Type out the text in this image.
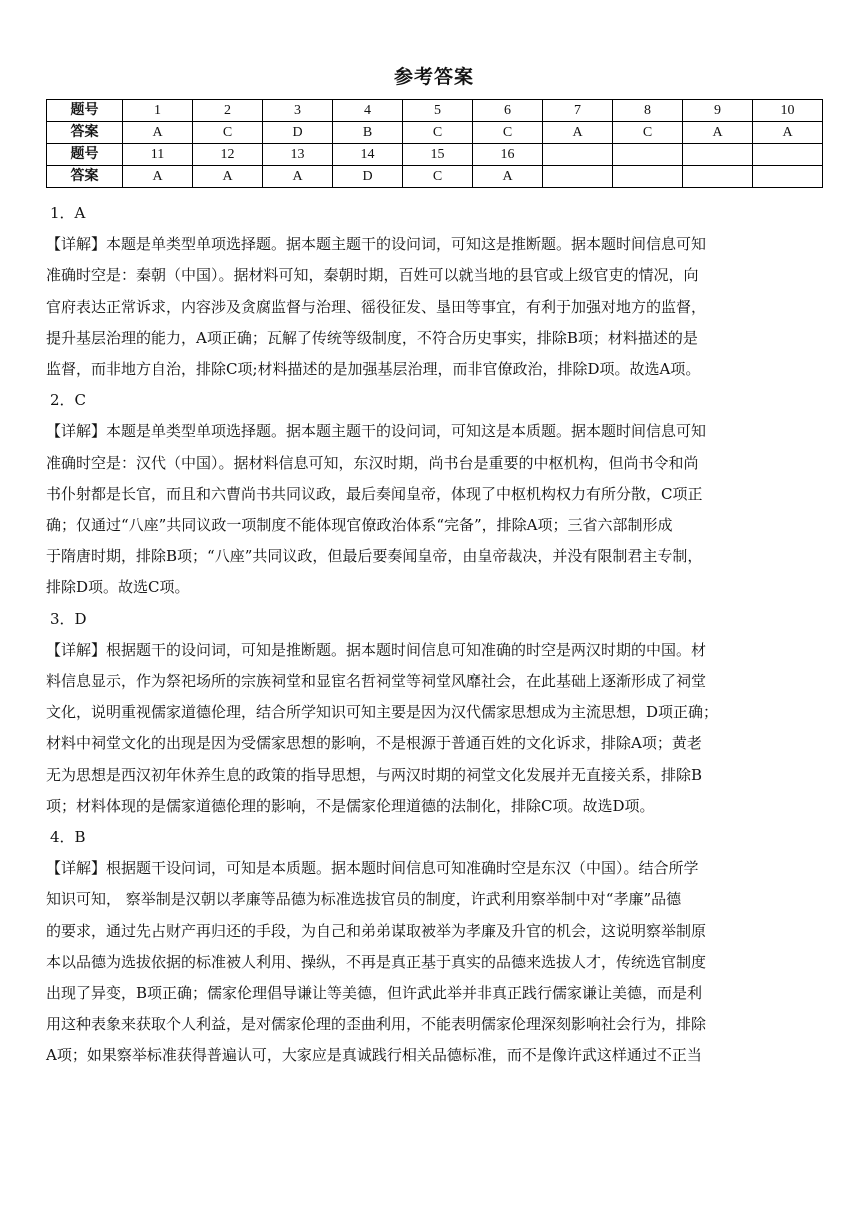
参考答案
题号	1	2	3	4	5	6	7	8	9	10
答案	A	C	D	B	C	C	A	C	A	A
题号	11	12	13	14	15	16				
答案	A	A	A	D	C	A				

1．A

【详解】本题是单类型单项选择题。据本题主题干的设问词，可知这是推断题。据本题时间信息可知

准确时空是：秦朝（中国）。据材料可知，秦朝时期，百姓可以就当地的县官或上级官吏的情况，向

官府表达正常诉求，内容涉及贪腐监督与治理、徭役征发、垦田等事宜，有利于加强对地方的监督，

提升基层治理的能力，A项正确；瓦解了传统等级制度，不符合历史事实，排除B项；材料描述的是

监督，而非地方自治，排除C项;材料描述的是加强基层治理，而非官僚政治，排除D项。故选A项。

2．C

【详解】本题是单类型单项选择题。据本题主题干的设问词，可知这是本质题。据本题时间信息可知

准确时空是：汉代（中国）。据材料信息可知，东汉时期，尚书台是重要的中枢机构，但尚书令和尚

书仆射都是长官，而且和六曹尚书共同议政，最后奏闻皇帝，体现了中枢机构权力有所分散，C项正

确；仅通过“八座”共同议政一项制度不能体现官僚政治体系“完备”，排除A项；三省六部制形成

于隋唐时期，排除B项；“八座”共同议政，但最后要奏闻皇帝，由皇帝裁决，并没有限制君主专制，

排除D项。故选C项。

3．D

【详解】根据题干的设问词，可知是推断题。据本题时间信息可知准确的时空是两汉时期的中国。材

料信息显示，作为祭祀场所的宗族祠堂和显宦名哲祠堂等祠堂风靡社会，在此基础上逐渐形成了祠堂

文化，说明重视儒家道德伦理，结合所学知识可知主要是因为汉代儒家思想成为主流思想，D项正确；

材料中祠堂文化的出现是因为受儒家思想的影响，不是根源于普通百姓的文化诉求，排除A项；黄老

无为思想是西汉初年休养生息的政策的指导思想，与两汉时期的祠堂文化发展并无直接关系，排除B

项；材料体现的是儒家道德伦理的影响，不是儒家伦理道德的法制化，排除C项。故选D项。

4．B

【详解】根据题干设问词，可知是本质题。据本题时间信息可知准确时空是东汉（中国）。结合所学

知识可知， 察举制是汉朝以孝廉等品德为标准选拔官员的制度，许武利用察举制中对“孝廉”品德

的要求，通过先占财产再归还的手段，为自己和弟弟谋取被举为孝廉及升官的机会，这说明察举制原

本以品德为选拔依据的标准被人利用、操纵，不再是真正基于真实的品德来选拔人才，传统选官制度

出现了异变，B项正确；儒家伦理倡导谦让等美德，但许武此举并非真正践行儒家谦让美德，而是利

用这种表象来获取个人利益，是对儒家伦理的歪曲利用，不能表明儒家伦理深刻影响社会行为，排除

A项；如果察举标准获得普遍认可，大家应是真诚践行相关品德标准，而不是像许武这样通过不正当
